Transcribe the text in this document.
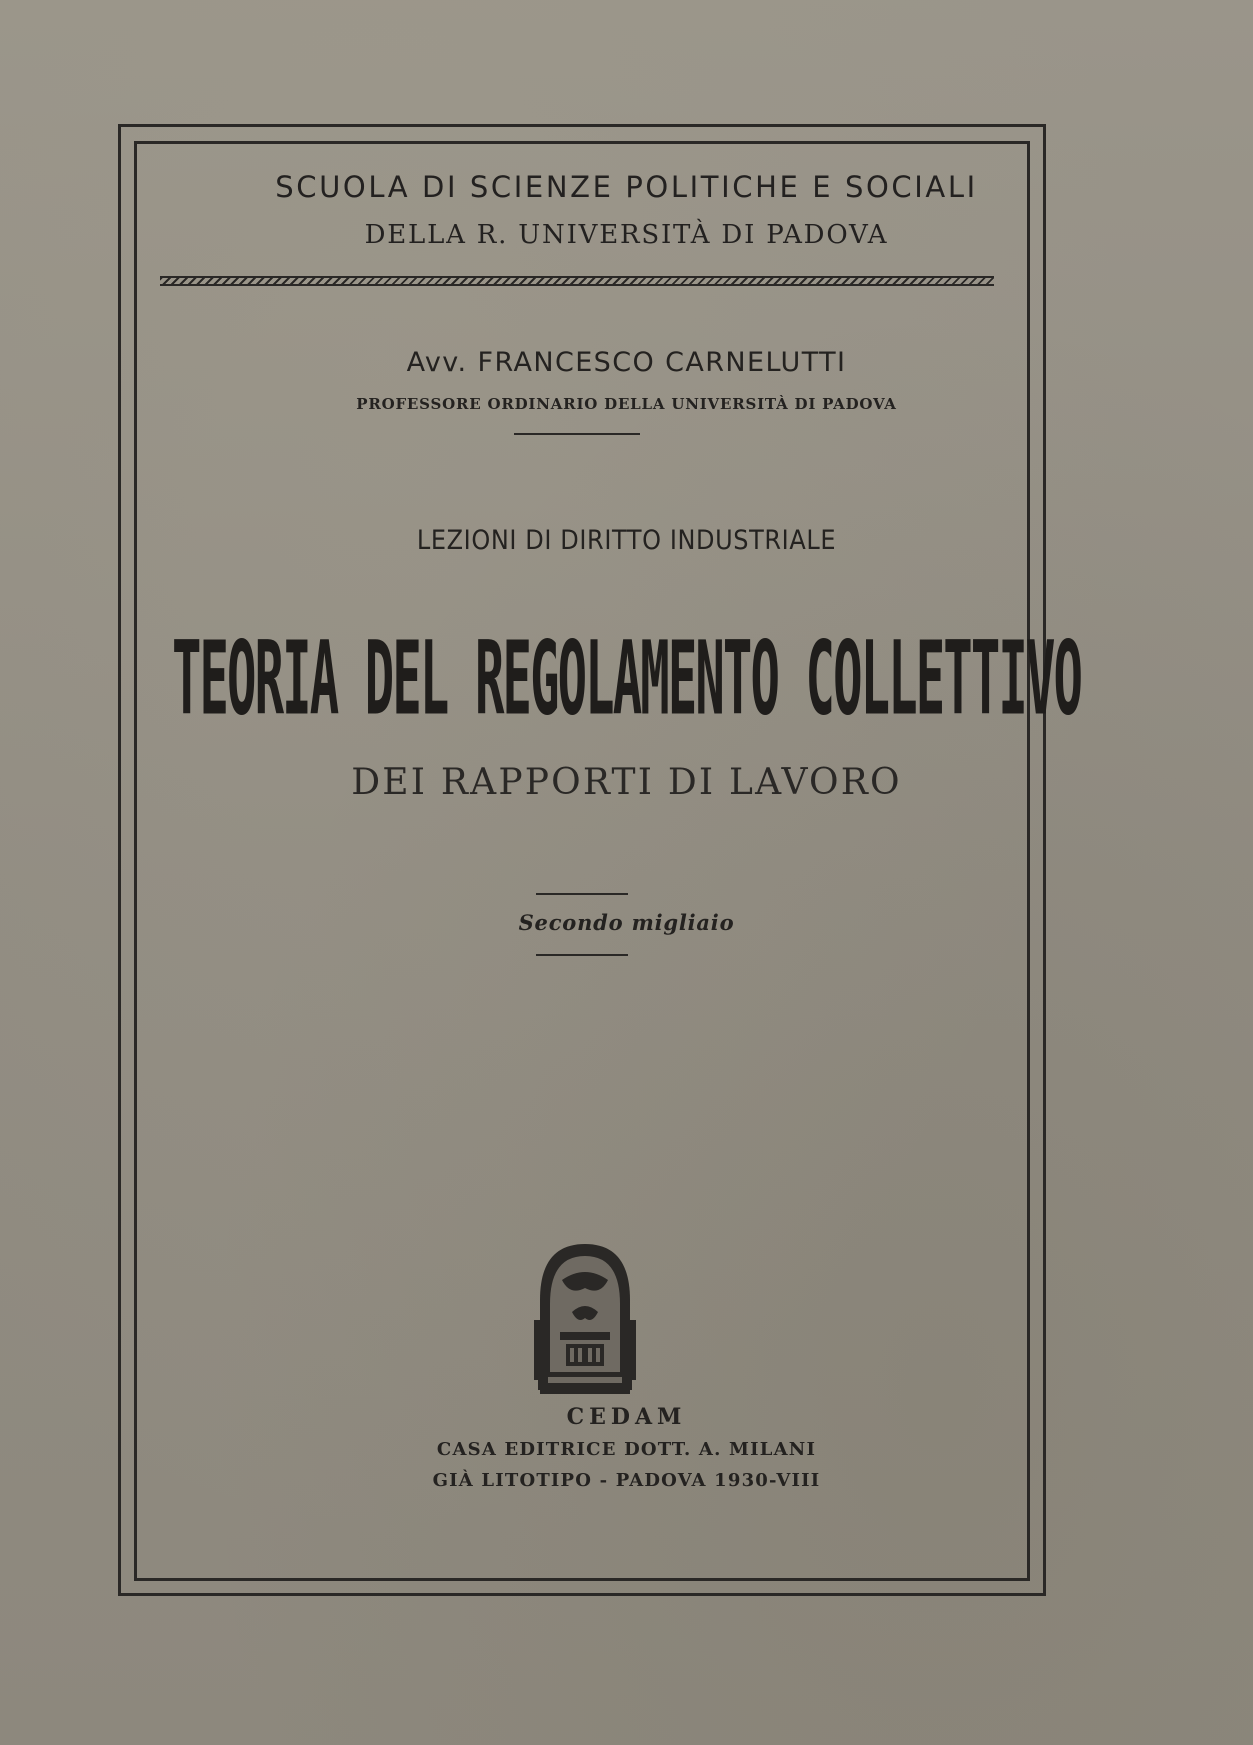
SCUOLA DI SCIENZE POLITICHE E SOCIALI
DELLA R. UNIVERSITÀ DI PADOVA
Avv. FRANCESCO CARNELUTTI
PROFESSORE ORDINARIO DELLA UNIVERSITÀ DI PADOVA
LEZIONI DI DIRITTO INDUSTRIALE
TEORIA DEL REGOLAMENTO COLLETTIVO
DEI RAPPORTI DI LAVORO
Secondo migliaio
CEDAM
CASA EDITRICE DOTT. A. MILANI
GIÀ LITOTIPO - PADOVA 1930-VIII
